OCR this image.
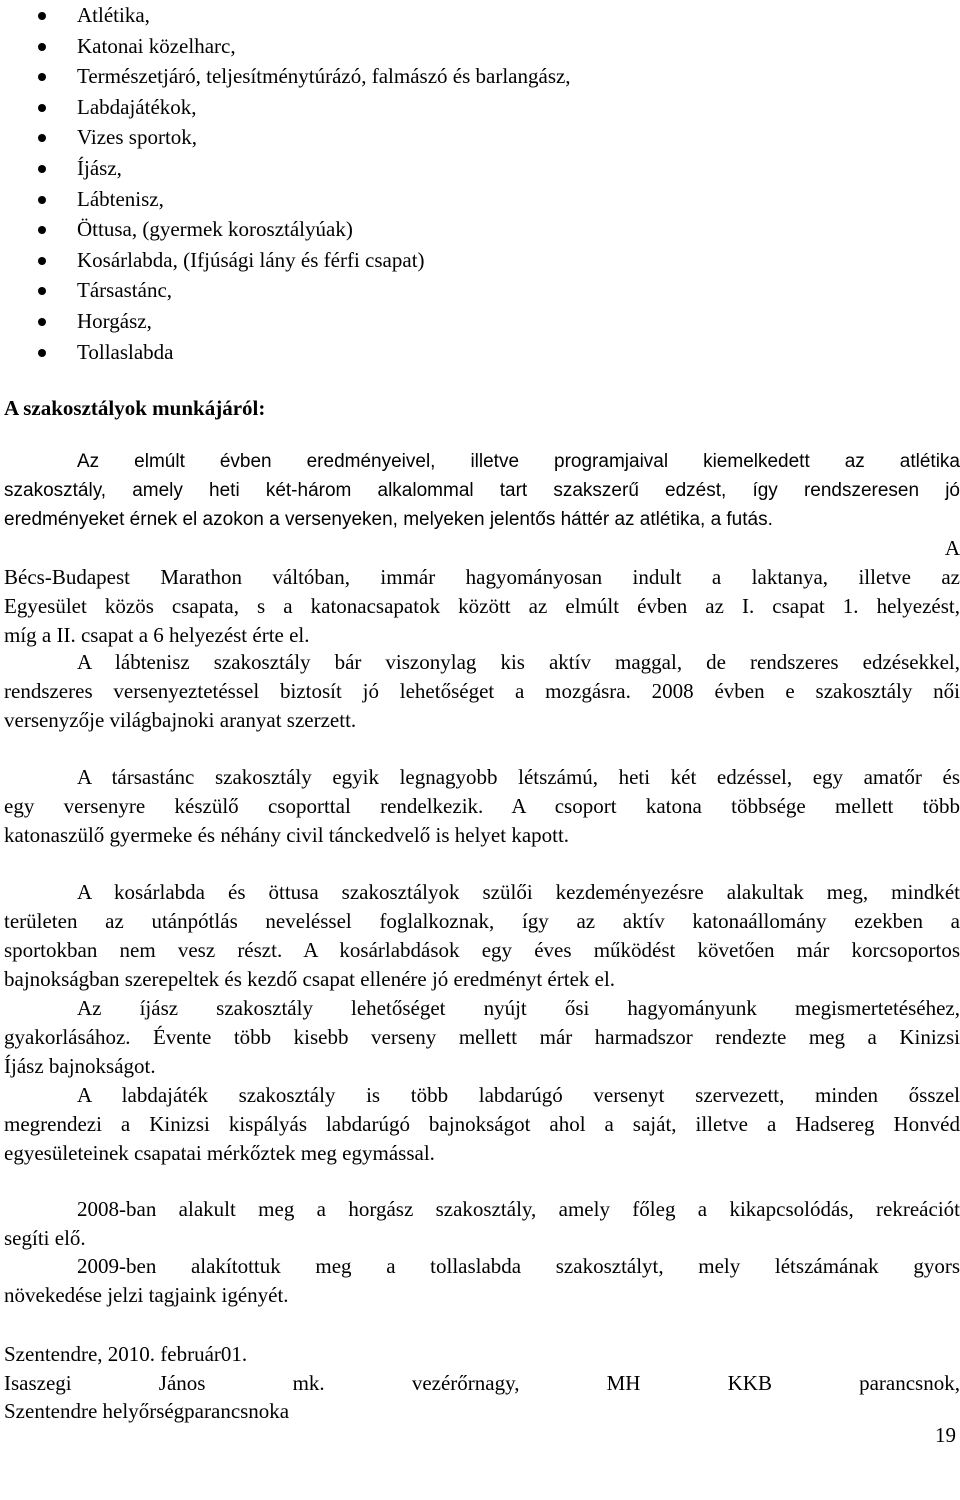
Atlétika,
Katonai közelharc,
Természetjáró, teljesítménytúrázó, falmászó és barlangász,
Labdajátékok,
Vizes sportok,
Íjász,
Lábtenisz,
Öttusa, (gyermek korosztályúak)
Kosárlabda, (Ifjúsági lány és férfi csapat)
Társastánc,
Horgász,
Tollaslabda
A szakosztályok munkájáról:
Az elmúlt évben eredményeivel, illetve programjaival kiemelkedett az atlétika
szakosztály, amely heti két-három alkalommal tart szakszerű edzést, így rendszeresen jó
eredményeket érnek el azokon a versenyeken, melyeken jelentős háttér az atlétika, a futás.
A
Bécs-Budapest Marathon váltóban, immár hagyományosan indult a laktanya, illetve az
Egyesület közös csapata, s a katonacsapatok között az elmúlt évben az I. csapat 1. helyezést,
míg a II. csapat a 6 helyezést érte el.
A lábtenisz szakosztály bár viszonylag kis aktív maggal, de rendszeres edzésekkel,
rendszeres versenyeztetéssel biztosít jó lehetőséget a mozgásra. 2008 évben e szakosztály női
versenyzője világbajnoki aranyat szerzett.
A társastánc szakosztály egyik legnagyobb létszámú, heti két edzéssel, egy amatőr és
egy versenyre készülő csoporttal rendelkezik. A csoport katona többsége mellett több
katonaszülő gyermeke és néhány civil tánckedvelő is helyet kapott.
A kosárlabda és öttusa szakosztályok szülői kezdeményezésre alakultak meg, mindkét
területen az utánpótlás neveléssel foglalkoznak, így az aktív katonaállomány ezekben a
sportokban nem vesz részt. A kosárlabdások egy éves működést követően már korcsoportos
bajnokságban szerepeltek és kezdő csapat ellenére jó eredményt értek el.
Az íjász szakosztály lehetőséget nyújt ősi hagyományunk megismertetéséhez,
gyakorlásához. Évente több kisebb verseny mellett már harmadszor rendezte meg a Kinizsi
Íjász bajnokságot.
A labdajáték szakosztály is több labdarúgó versenyt szervezett, minden ősszel
megrendezi a Kinizsi kispályás labdarúgó bajnokságot ahol a saját, illetve a Hadsereg Honvéd
egyesületeinek csapatai mérkőztek meg egymással.
2008-ban alakult meg a horgász szakosztály, amely főleg a kikapcsolódás, rekreációt
segíti elő.
2009-ben alakítottuk meg a tollaslabda szakosztályt, mely létszámának gyors
növekedése jelzi tagjaink igényét.
Szentendre, 2010. február01.
Isaszegi	János	mk.	vezérőrnagy,	MH	KKB	parancsnok,
Szentendre helyőrségparancsnoka
19
